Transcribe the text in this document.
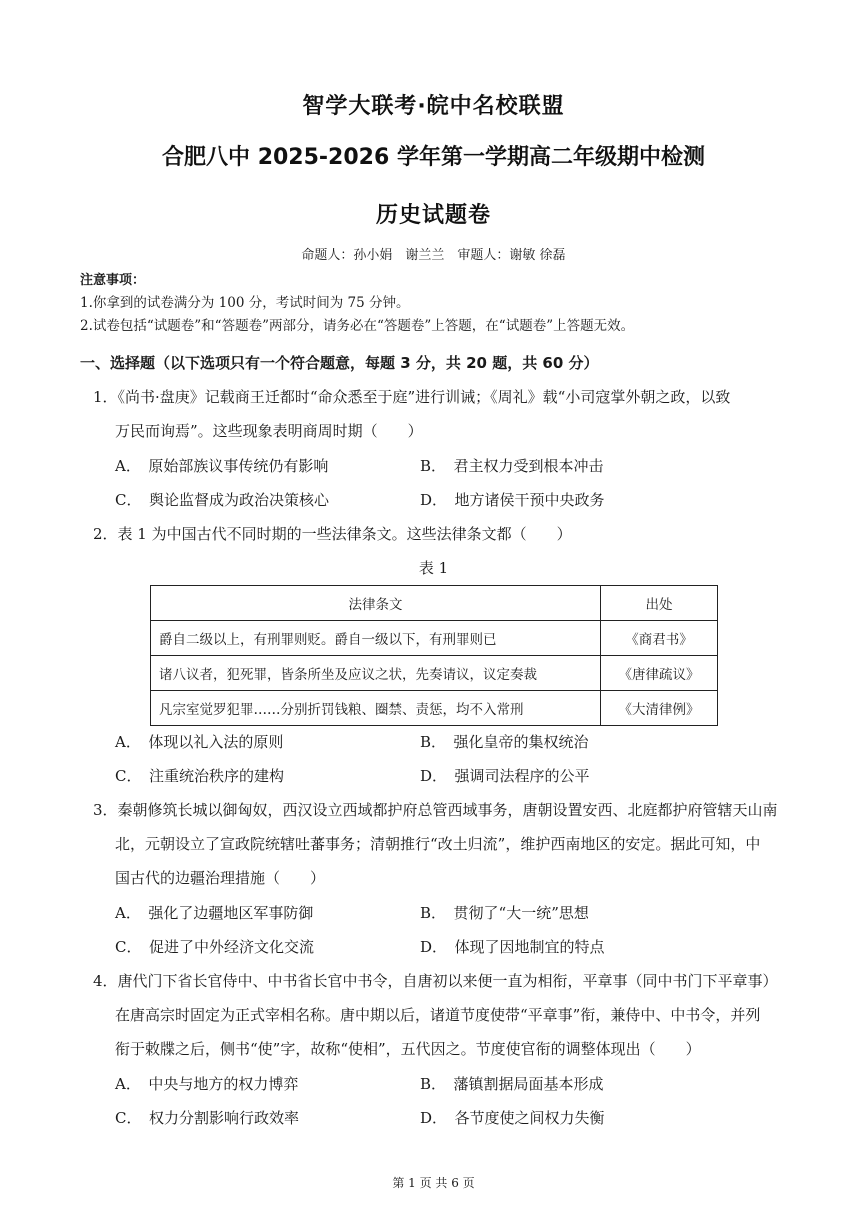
智学大联考·皖中名校联盟
合肥八中 2025-2026 学年第一学期高二年级期中检测
历史试题卷
命题人：孙小娟　谢兰兰　审题人：谢敏 徐磊
注意事项：
1.你拿到的试卷满分为 100 分，考试时间为 75 分钟。
2.试卷包括“试题卷”和“答题卷”两部分，请务必在“答题卷”上答题，在“试题卷”上答题无效。
一、选择题（以下选项只有一个符合题意，每题 3 分，共 20 题，共 60 分）
1．《尚书·盘庚》记载商王迁都时“命众悉至于庭”进行训诫；《周礼》载“小司寇掌外朝之政，以致
万民而询焉”。这些现象表明商周时期（　　）
A．　原始部族议事传统仍有影响	B．　君主权力受到根本冲击
C．　舆论监督成为政治决策核心	D．　地方诸侯干预中央政务
2．表 1 为中国古代不同时期的一些法律条文。这些法律条文都（　　）
表 1
法律条文	出处
爵自二级以上，有刑罪则贬。爵自一级以下，有刑罪则已	《商君书》
诸八议者，犯死罪，皆条所坐及应议之状，先奏请议，议定奏裁	《唐律疏议》
凡宗室觉罗犯罪……分别折罚钱粮、圈禁、责惩，均不入常刑	《大清律例》
A．　体现以礼入法的原则	B．　强化皇帝的集权统治
C．　注重统治秩序的建构	D．　强调司法程序的公平
3．秦朝修筑长城以御匈奴，西汉设立西域都护府总管西域事务，唐朝设置安西、北庭都护府管辖天山南
北，元朝设立了宣政院统辖吐蕃事务；清朝推行“改土归流”，维护西南地区的安定。据此可知，中
国古代的边疆治理措施（　　）
A．　强化了边疆地区军事防御	B．　贯彻了“大一统”思想
C．　促进了中外经济文化交流	D．　体现了因地制宜的特点
4．唐代门下省长官侍中、中书省长官中书令，自唐初以来便一直为相衔，平章事（同中书门下平章事）
在唐高宗时固定为正式宰相名称。唐中期以后，诸道节度使带“平章事”衔，兼侍中、中书令，并列
衔于敕牒之后，侧书“使”字，故称“使相”，五代因之。节度使官衔的调整体现出（　　）
A．　中央与地方的权力博弈	B．　藩镇割据局面基本形成
C．　权力分割影响行政效率	D．　各节度使之间权力失衡
第 1 页 共 6 页
